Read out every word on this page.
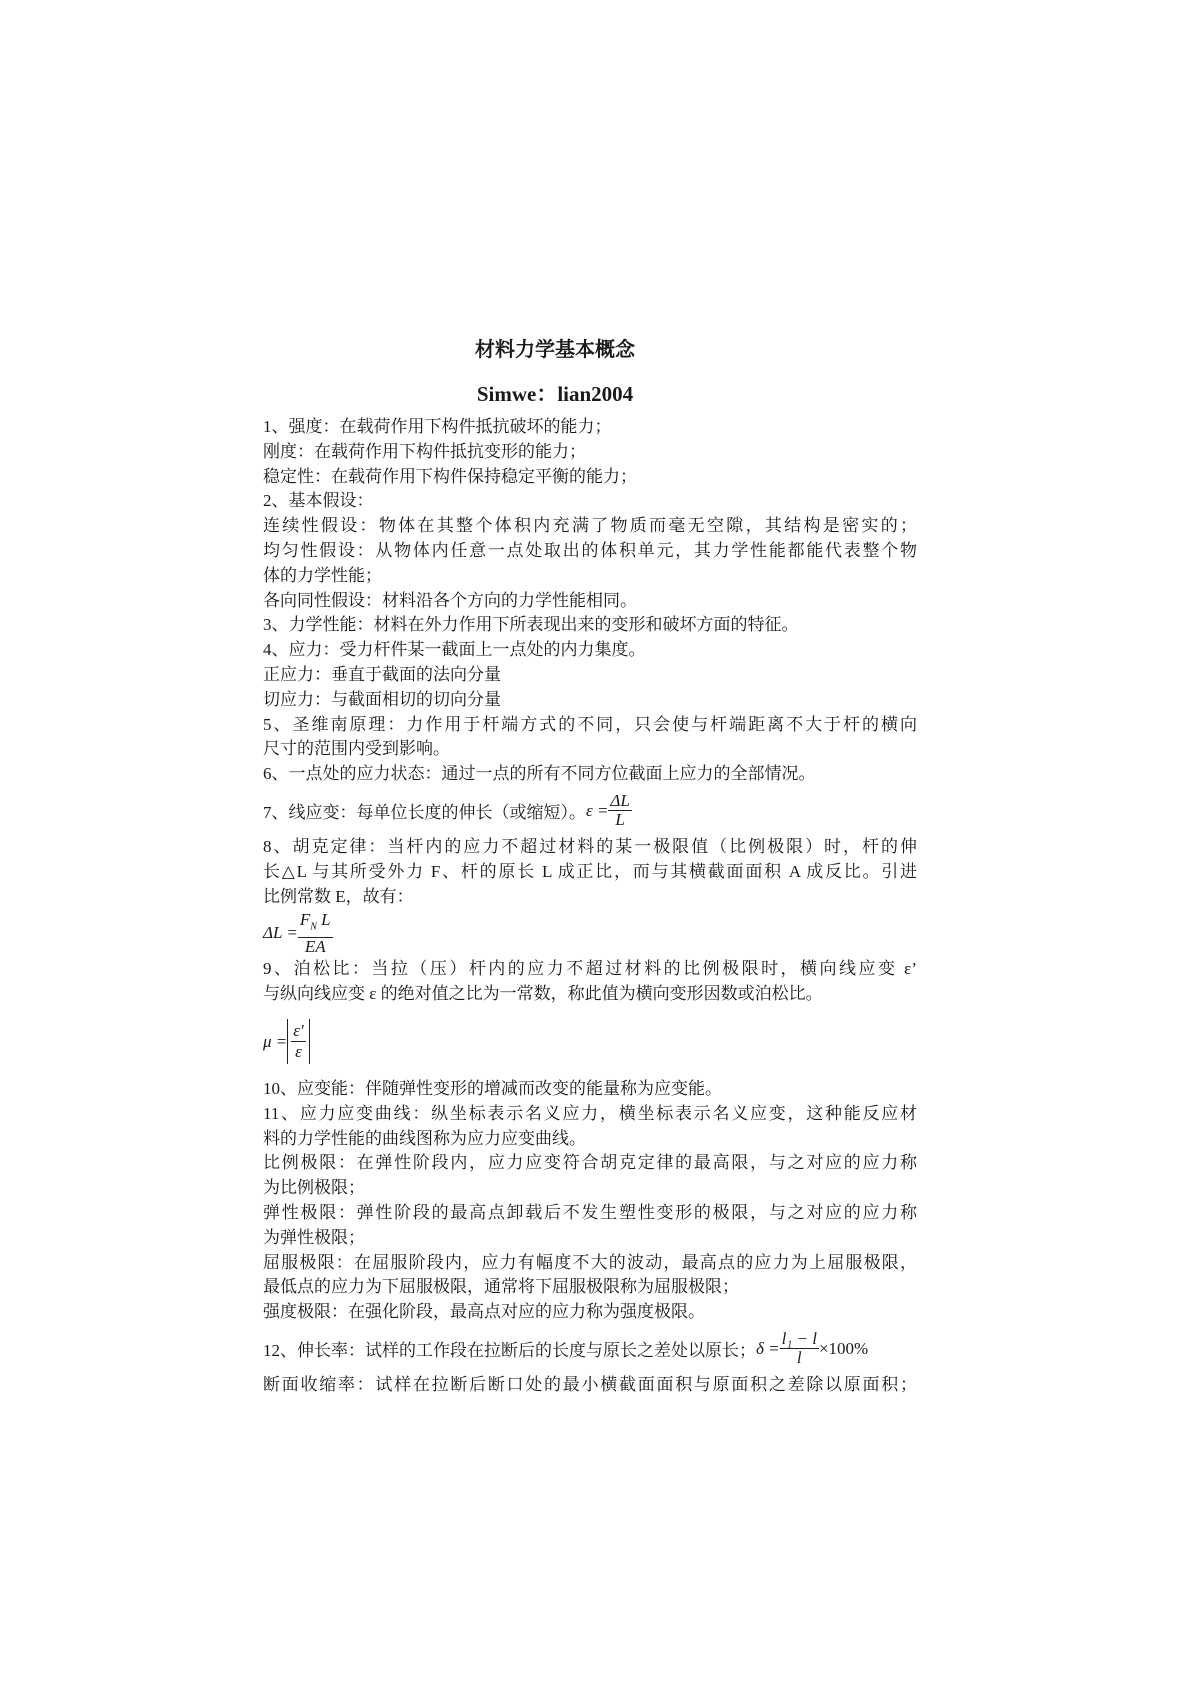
材料力学基本概念
Simwe：lian2004
1、强度：在载荷作用下构件抵抗破坏的能力；
刚度：在载荷作用下构件抵抗变形的能力；
稳定性：在载荷作用下构件保持稳定平衡的能力；
2、基本假设：
连续性假设：物体在其整个体积内充满了物质而毫无空隙，其结构是密实的；
均匀性假设：从物体内任意一点处取出的体积单元，其力学性能都能代表整个物
体的力学性能；
各向同性假设：材料沿各个方向的力学性能相同。
3、力学性能：材料在外力作用下所表现出来的变形和破坏方面的特征。
4、应力：受力杆件某一截面上一点处的内力集度。
正应力：垂直于截面的法向分量
切应力：与截面相切的切向分量
5、圣维南原理：力作用于杆端方式的不同，只会使与杆端距离不大于杆的横向
尺寸的范围内受到影响。
6、一点处的应力状态：通过一点的所有不同方位截面上应力的全部情况。
7、线应变：每单位长度的伸长（或缩短）。 $\varepsilon = \frac{\Delta L}{L}$
8、胡克定律：当杆内的应力不超过材料的某一极限值（比例极限）时，杆的伸
长△L 与其所受外力 F、杆的原长 L 成正比，而与其横截面面积 A 成反比。引进
比例常数 E，故有：
$\Delta L = \frac{F_N L}{EA}$
9、泊松比：当拉（压）杆内的应力不超过材料的比例极限时，横向线应变 ε’
与纵向线应变 ε 的绝对值之比为一常数，称此值为横向变形因数或泊松比。
$\mu = \frac{\varepsilon'}{\varepsilon}$
10、应变能：伴随弹性变形的增减而改变的能量称为应变能。
11、应力应变曲线：纵坐标表示名义应力，横坐标表示名义应变，这种能反应材
料的力学性能的曲线图称为应力应变曲线。
比例极限：在弹性阶段内，应力应变符合胡克定律的最高限，与之对应的应力称
为比例极限；
弹性极限：弹性阶段的最高点卸载后不发生塑性变形的极限，与之对应的应力称
为弹性极限；
屈服极限：在屈服阶段内，应力有幅度不大的波动，最高点的应力为上屈服极限，
最低点的应力为下屈服极限，通常将下屈服极限称为屈服极限；
强度极限：在强化阶段，最高点对应的应力称为强度极限。
12、伸长率：试样的工作段在拉断后的长度与原长之差处以原长； $\delta = \frac{\text{l₁ − l}}{l} \times 100\%$
断面收缩率：试样在拉断后断口处的最小横截面面积与原面积之差除以原面积；
